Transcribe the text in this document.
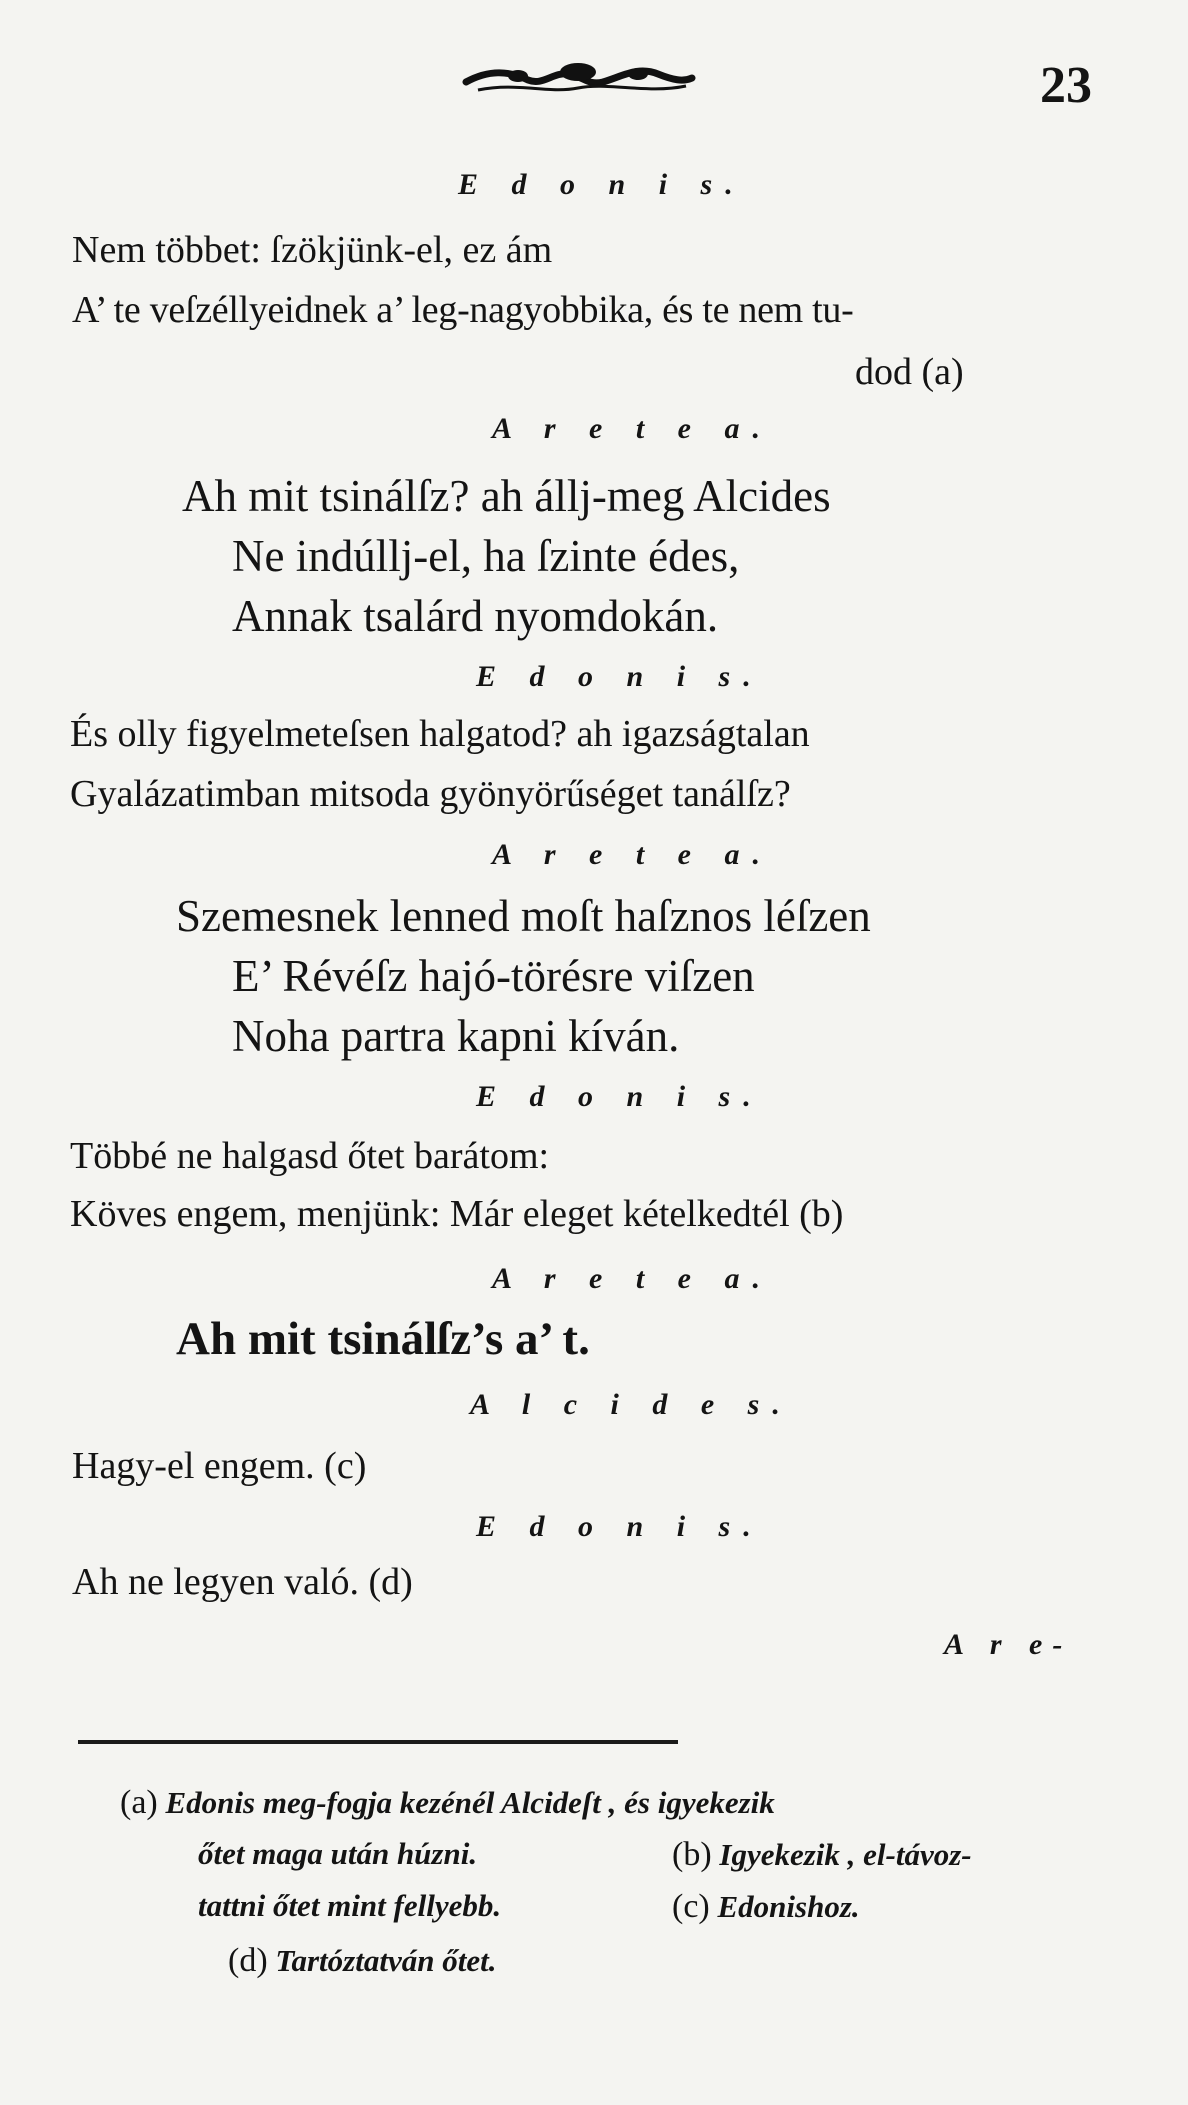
23
E d o n i s.
Nem többet: ſzökjünk-el, ez ám
A’ te veſzéllyeidnek a’ leg-nagyobbika, és te nem tu-
dod (a)
A r e t e a.
Ah mit tsinálſz? ah állj-meg Alcides
Ne indúllj-el, ha ſzinte édes,
Annak tsalárd nyomdokán.
E d o n i s.
És olly figyelmeteſsen halgatod? ah igazságtalan
Gyalázatimban mitsoda gyönyörűséget tanálſz?
A r e t e a.
Szemesnek lenned moſt haſznos léſzen
E’ Révéſz hajó-törésre viſzen
Noha partra kapni kíván.
E d o n i s.
Többé ne halgasd őtet barátom:
Köves engem, menjünk: Már eleget kételkedtél (b)
A r e t e a.
Ah mit tsinálſz’s a’ t.
A l c i d e s.
Hagy-el engem. (c)
E d o n i s.
Ah ne legyen való. (d)
A r e-
(a) Edonis meg-fogja kezénél Alcideſt , és igyekezik
őtet maga után húzni.	(b) Igyekezik , el-távoz-
tattni őtet mint fellyebb.	(c) Edonishoz.
(d) Tartóztatván őtet.
